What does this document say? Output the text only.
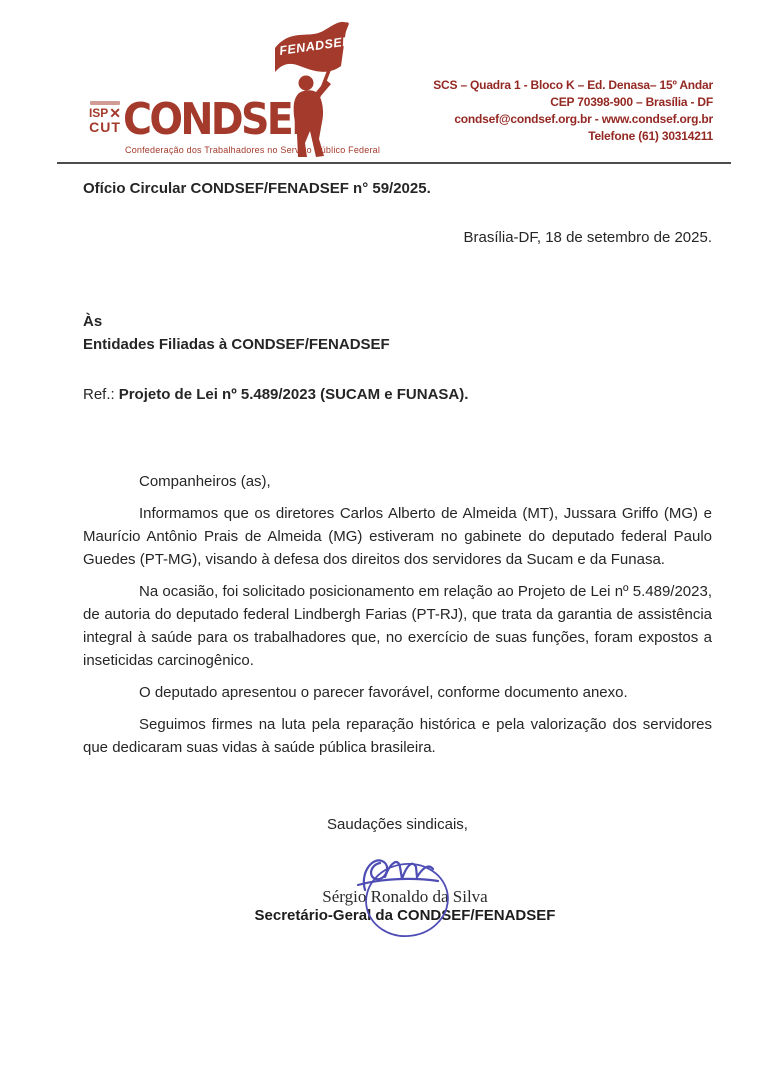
FENADSEF
ISP✕
CUT CONDSEF
Confederação dos Trabalhadores no Serviço Público Federal
SCS – Quadra 1 - Bloco K – Ed. Denasa– 15º Andar
CEP 70398-900 – Brasília - DF
condsef@condsef.org.br - www.condsef.org.br
Telefone (61) 30314211
Ofício Circular CONDSEF/FENADSEF n° 59/2025.
Brasília-DF, 18 de setembro de 2025.
Às
Entidades Filiadas à CONDSEF/FENADSEF
Ref.: Projeto de Lei nº 5.489/2023 (SUCAM e FUNASA).

Companheiros (as),

Informamos que os diretores Carlos Alberto de Almeida (MT), Jussara Griffo (MG) e Maurício Antônio Prais de Almeida (MG) estiveram no gabinete do deputado federal Paulo Guedes (PT-MG), visando à defesa dos direitos dos servidores da Sucam e da Funasa.

Na ocasião, foi solicitado posicionamento em relação ao Projeto de Lei nº 5.489/2023, de autoria do deputado federal Lindbergh Farias (PT-RJ), que trata da garantia de assistência integral à saúde para os trabalhadores que, no exercício de suas funções, foram expostos a inseticidas carcinogênico.

O deputado apresentou o parecer favorável, conforme documento anexo.

Seguimos firmes na luta pela reparação histórica e pela valorização dos servidores que dedicaram suas vidas à saúde pública brasileira.

Saudações sindicais,
Sérgio Ronaldo da Silva
Secretário-Geral da CONDSEF/FENADSEF
